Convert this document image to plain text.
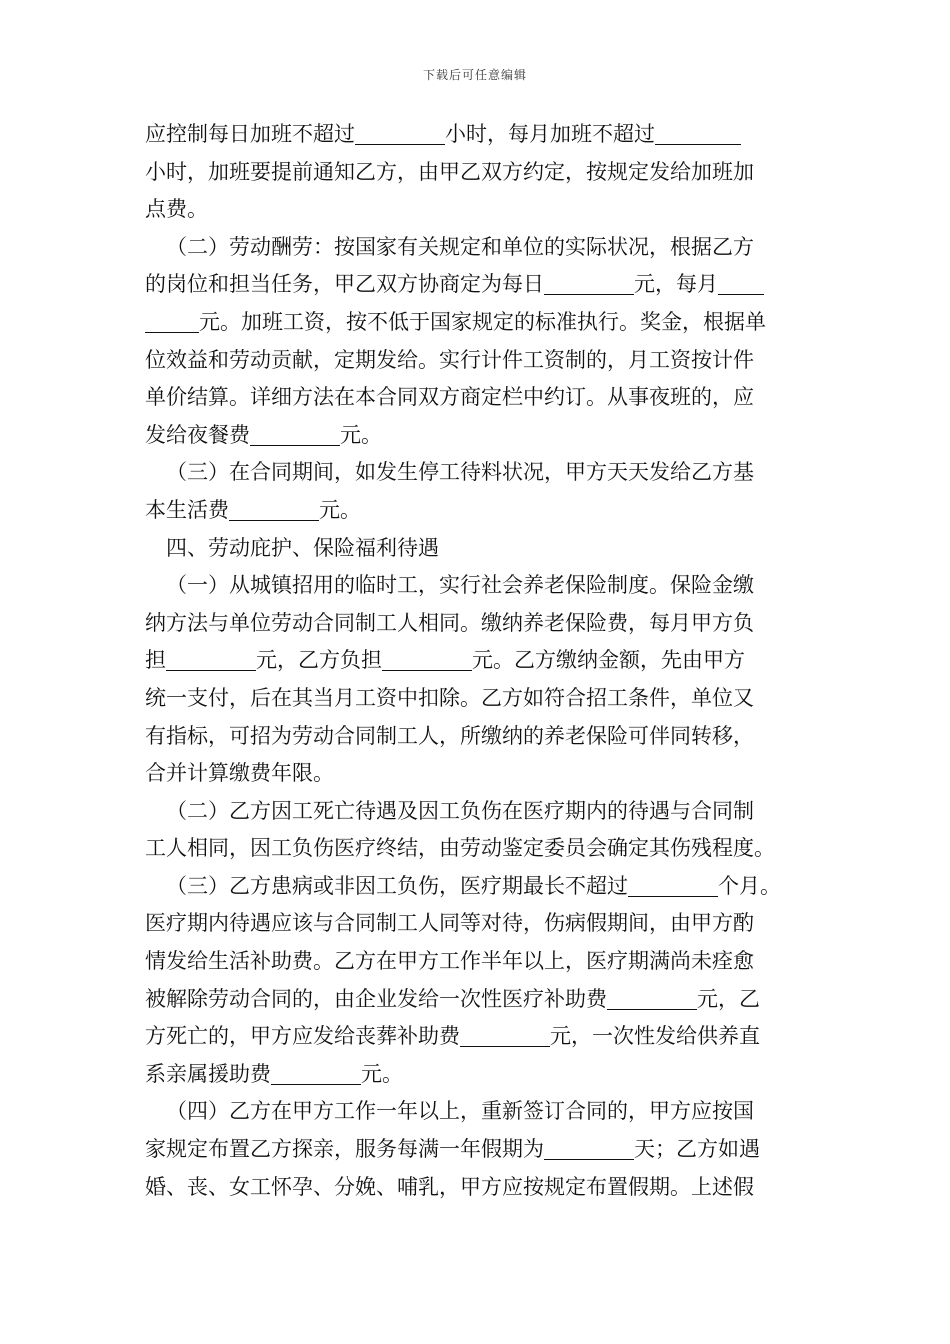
下载后可任意编辑
应控制每日加班不超过	小时，每月加班不超过
小时，加班要提前通知乙方，由甲乙双方约定，按规定发给加班加
点费。
（二）劳动酬劳：按国家有关规定和单位的实际状况，根据乙方
的岗位和担当任务，甲乙双方协商定为每日	元，每月
元。加班工资，按不低于国家规定的标准执行。奖金，根据单
位效益和劳动贡献，定期发给。实行计件工资制的，月工资按计件
单价结算。详细方法在本合同双方商定栏中约订。从事夜班的，应
发给夜餐费	元。
（三）在合同期间，如发生停工待料状况，甲方天天发给乙方基
本生活费	元。
四、劳动庇护、保险福利待遇
（一）从城镇招用的临时工，实行社会养老保险制度。保险金缴
纳方法与单位劳动合同制工人相同。缴纳养老保险费，每月甲方负
担	元，乙方负担	元。乙方缴纳金额，先由甲方
统一支付，后在其当月工资中扣除。乙方如符合招工条件，单位又
有指标，可招为劳动合同制工人，所缴纳的养老保险可伴同转移，
合并计算缴费年限。
（二）乙方因工死亡待遇及因工负伤在医疗期内的待遇与合同制
工人相同，因工负伤医疗终结，由劳动鉴定委员会确定其伤残程度。
（三）乙方患病或非因工负伤，医疗期最长不超过	个月。
医疗期内待遇应该与合同制工人同等对待，伤病假期间，由甲方酌
情发给生活补助费。乙方在甲方工作半年以上，医疗期满尚未痊愈
被解除劳动合同的，由企业发给一次性医疗补助费	元，乙
方死亡的，甲方应发给丧葬补助费	元，一次性发给供养直
系亲属援助费	元。
（四）乙方在甲方工作一年以上，重新签订合同的，甲方应按国
家规定布置乙方探亲，服务每满一年假期为	天；乙方如遇
婚、丧、女工怀孕、分娩、哺乳，甲方应按规定布置假期。上述假
